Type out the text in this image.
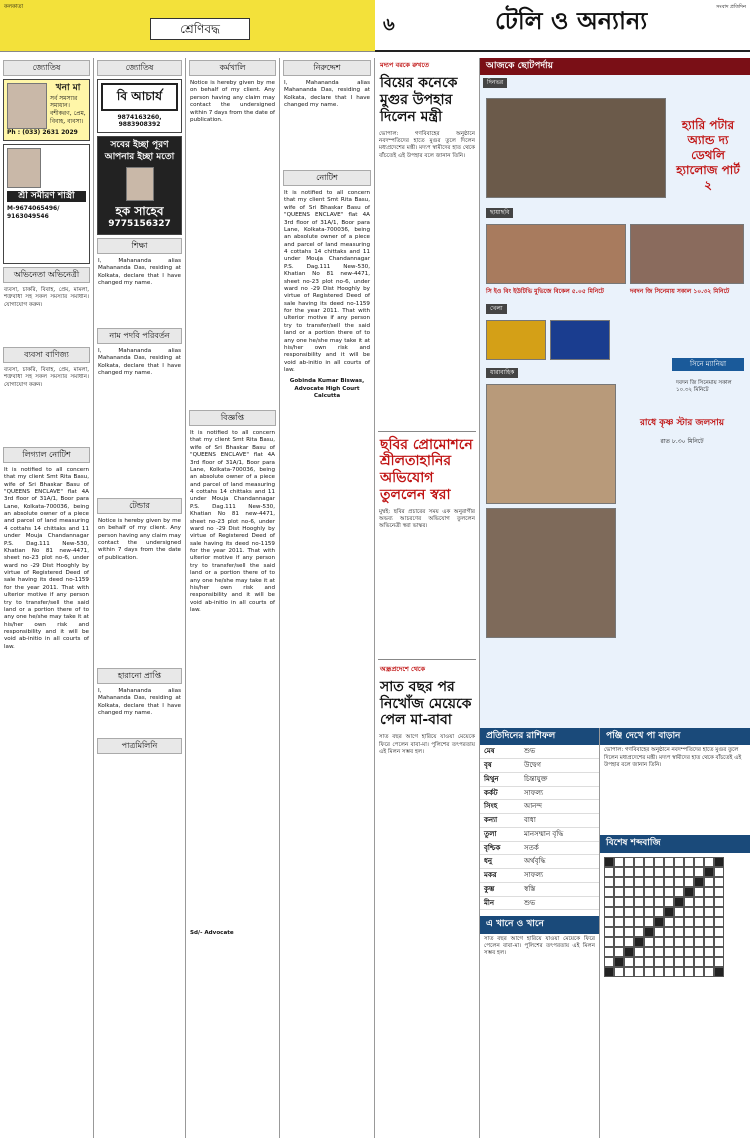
কলকাতা
শ্রেণিবদ্ধ	৬	টেলি ও অন্যান্য	সংবাদ প্রতিদিন
জ্যোতিষ
খনা মা
সর্ব সমস্যার সমাধান। বশীকরণ, প্রেম, বিবাহ, ব্যবসা।
Ph : (033) 2631 2029
শ্রী সমীরণ শাস্ত্রী
M-9674065496/ 9163049546
অভিনেতা অভিনেত্রী
ব্যবসা, চাকরি, বিবাহ, প্রেম, মামলা, শত্রুবাধা সহ সকল সমস্যার সমাধান। যোগাযোগ করুন।
ব্যবসা বাণিজ্য
ব্যবসা, চাকরি, বিবাহ, প্রেম, মামলা, শত্রুবাধা সহ সকল সমস্যার সমাধান। যোগাযোগ করুন।
লিগ্যাল নোটিশ
It is notified to all concern that my client Smt Rita Basu, wife of Sri Bhaskar Basu of "QUEENS ENCLAVE" flat 4A 3rd floor of 31A/1, Boor para Lane, Kolkata-700036, being an absolute owner of a piece and parcel of land measuring 4 cottahs 14 chittaks and 11 under Mouja Chandannagar P.S. Dag.111 New-530, Khatian No 81 new-4471, sheet no-23 plot no-6, under ward no -29 Dist Hooghly by virtue of Registered Deed of sale having its deed no-1159 for the year 2011. That with ulterior motive if any person try to transfer/sell the said land or a portion there of to any one he/she may take it at his/her own risk and responsibility and it will be void ab-initio in all courts of law.
জ্যোতিষ
বি আচার্য
9874163260, 9883908392
সবের ইচ্ছা পূরণ আপনার ইচ্ছা মতো
হক সাহেব
9775156327
শিক্ষা
I, Mahananda alias Mahananda Das, residing at Kolkata, declare that I have changed my name.
নাম পদবি পরিবর্তন
I, Mahananda alias Mahananda Das, residing at Kolkata, declare that I have changed my name.
টেন্ডার
Notice is hereby given by me on behalf of my client. Any person having any claim may contact the undersigned within 7 days from the date of publication.
হারানো প্রাপ্তি
I, Mahananda alias Mahananda Das, residing at Kolkata, declare that I have changed my name.
পাত্রমিলিনি
কর্মখালি
Notice is hereby given by me on behalf of my client. Any person having any claim may contact the undersigned within 7 days from the date of publication.
বিজ্ঞপ্তি
It is notified to all concern that my client Smt Rita Basu, wife of Sri Bhaskar Basu of "QUEENS ENCLAVE" flat 4A 3rd floor of 31A/1, Boor para Lane, Kolkata-700036, being an absolute owner of a piece and parcel of land measuring 4 cottahs 14 chittaks and 11 under Mouja Chandannagar P.S. Dag.111 New-530, Khatian No 81 new-4471, sheet no-23 plot no-6, under ward no -29 Dist Hooghly by virtue of Registered Deed of sale having its deed no-1159 for the year 2011. That with ulterior motive if any person try to transfer/sell the said land or a portion there of to any one he/she may take it at his/her own risk and responsibility and it will be void ab-initio in all courts of law.
Sd/- Advocate
নিরুদ্দেশ
I, Mahananda alias Mahananda Das, residing at Kolkata, declare that I have changed my name.
নোটিশ
It is notified to all concern that my client Smt Rita Basu, wife of Sri Bhaskar Basu of "QUEENS ENCLAVE" flat 4A 3rd floor of 31A/1, Boor para Lane, Kolkata-700036, being an absolute owner of a piece and parcel of land measuring 4 cottahs 14 chittaks and 11 under Mouja Chandannagar P.S. Dag.111 New-530, Khatian No 81 new-4471, sheet no-23 plot no-6, under ward no -29 Dist Hooghly by virtue of Registered Deed of sale having its deed no-1159 for the year 2011. That with ulterior motive if any person try to transfer/sell the said land or a portion there of to any one he/she may take it at his/her own risk and responsibility and it will be void ab-initio in all courts of law.
Gobinda Kumar Biswas, Advocate High Court Calcutta
মদ্যপ বরকে রুখতে
বিয়ের কনেকে মুগুর উপহার দিলেন মন্ত্রী
ভোপাল: গণবিবাহের অনুষ্ঠানে নবদম্পতিদের হাতে মুগুর তুলে দিলেন মধ্যপ্রদেশের মন্ত্রী। মদ্যপ স্বামীদের হাত থেকে বাঁচতেই এই উপহার বলে জানান তিনি।
ছবির প্রোমোশনে শ্রীলতাহানির অভিযোগ তুললেন স্বরা
মুম্বই: ছবির প্রচারের সময় এক অনুরাগীর অভব্য আচরণের অভিযোগ তুললেন অভিনেত্রী স্বরা ভাস্কর।
অন্ধ্রপ্রদেশে থেকে
সাত বছর পর নিখোঁজ মেয়েকে পেল মা-বাবা
সাত বছর আগে হারিয়ে যাওয়া মেয়েকে ফিরে পেলেন বাবা-মা। পুলিশের তৎপরতায় এই মিলন সম্ভব হল।
আজকে ছোটপর্দায়
দিনভর
হ্যারি পটার অ্যান্ড দ্য ডেথলি হ্যালোজ পার্ট ২
ছায়াছবি
সি ইও বিং ইউটিভি মুভিজে বিকেল ৫.০৫ মিনিটে	দবদন জি সিনেমায় সকাল ১০.৩২ মিনিটে
খেলা
ধারাবাহিক
রাধে কৃষ্ণ স্টার জলসায়
রাত ৮.৩০ মিনিটে
সিনে ম্যানিয়া
দবদন জি সিনেমায় সকাল ১০.৩২ মিনিটে
প্রতিদিনের রাশিফল
মেষ	শুভ
বৃষ	উদ্বেগ
মিথুন	চিন্তাযুক্ত
কর্কট	সাফল্য
সিংহ	আনন্দ
কন্যা	বাধা
তুলা	মানসম্মান বৃদ্ধি
বৃশ্চিক	সতর্ক
ধনু	অর্থবৃদ্ধি
মকর	সাফল্য
কুম্ভ	স্বস্তি
মীন	শুভ
এ খানে ও খানে
সাত বছর আগে হারিয়ে যাওয়া মেয়েকে ফিরে পেলেন বাবা-মা। পুলিশের তৎপরতায় এই মিলন সম্ভব হল।
পঞ্জি দেখে পা বাড়ান
ভোপাল: গণবিবাহের অনুষ্ঠানে নবদম্পতিদের হাতে মুগুর তুলে দিলেন মধ্যপ্রদেশের মন্ত্রী। মদ্যপ স্বামীদের হাত থেকে বাঁচতেই এই উপহার বলে জানান তিনি।
বিশেষ শব্দবাজি
